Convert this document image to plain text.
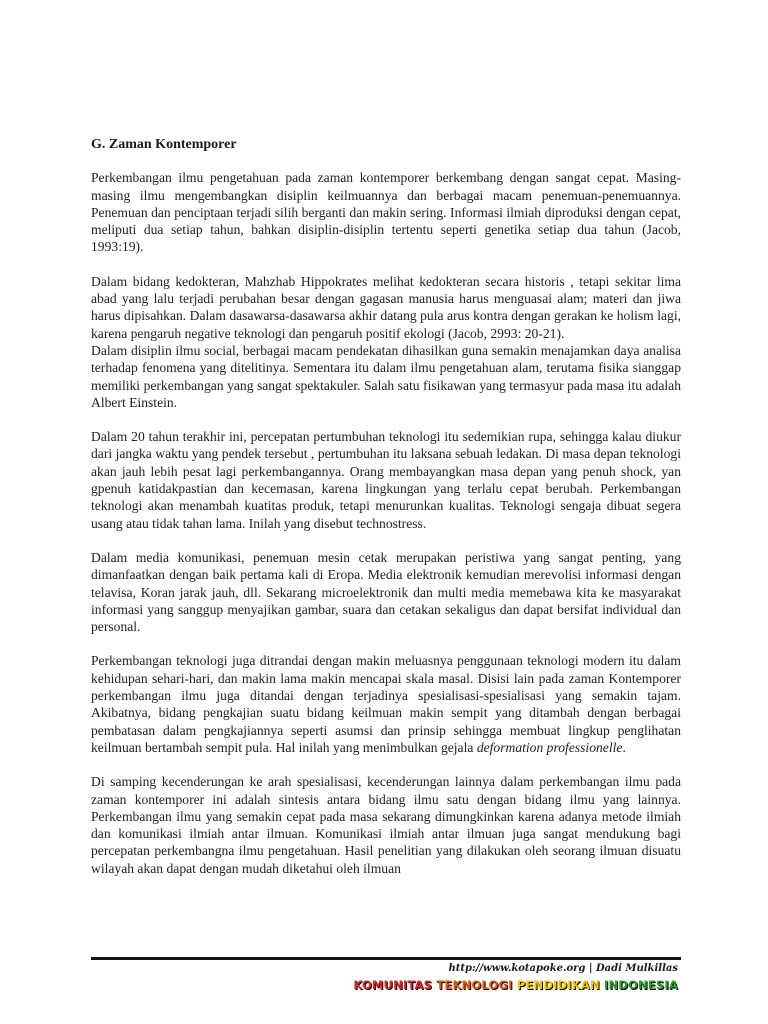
G. Zaman Kontemporer

Perkembangan ilmu pengetahuan pada zaman kontemporer berkembang dengan sangat cepat. Masing-masing ilmu mengembangkan disiplin keilmuannya dan berbagai macam penemuan-penemuannya. Penemuan dan penciptaan terjadi silih berganti dan makin sering. Informasi ilmiah diproduksi dengan cepat, meliputi dua setiap tahun, bahkan disiplin-disiplin tertentu seperti genetika setiap dua tahun (Jacob, 1993:19).

Dalam bidang kedokteran, Mahzhab Hippokrates melihat kedokteran secara historis , tetapi sekitar lima abad yang lalu terjadi perubahan besar dengan gagasan manusia harus menguasai alam; materi dan jiwa harus dipisahkan. Dalam dasawarsa-dasawarsa akhir datang pula arus kontra dengan gerakan ke holism lagi, karena pengaruh negative teknologi dan pengaruh positif ekologi (Jacob, 2993: 20-21).

Dalam disiplin ilmu social, berbagai macam pendekatan dihasilkan guna semakin menajamkan daya analisa terhadap fenomena yang ditelitinya. Sementara itu dalam ilmu pengetahuan alam, terutama fisika sianggap memiliki perkembangan yang sangat spektakuler. Salah satu fisikawan yang termasyur pada masa itu adalah Albert Einstein.

Dalam 20 tahun terakhir ini, percepatan pertumbuhan teknologi itu sedemikian rupa, sehingga kalau diukur dari jangka waktu yang pendek tersebut , pertumbuhan itu laksana sebuah ledakan. Di masa depan teknologi akan jauh lebih pesat lagi perkembangannya. Orang membayangkan masa depan yang penuh shock, yan gpenuh katidakpastian dan kecemasan, karena lingkungan yang terlalu cepat berubah. Perkembangan teknologi akan menambah kuatitas produk, tetapi menurunkan kualitas. Teknologi sengaja dibuat segera usang atau tidak tahan lama. Inilah yang disebut technostress.

Dalam media komunikasi, penemuan mesin cetak merupakan peristiwa yang sangat penting, yang dimanfaatkan dengan baik pertama kali di Eropa. Media elektronik kemudian merevolisi informasi dengan telavisa, Koran jarak jauh, dll. Sekarang microelektronik dan multi media memebawa kita ke masyarakat informasi yang sanggup menyajikan gambar, suara dan cetakan sekaligus dan dapat bersifat individual dan personal.

Perkembangan teknologi juga ditrandai dengan makin meluasnya penggunaan teknologi modern itu dalam kehidupan sehari-hari, dan makin lama makin mencapai skala masal. Disisi lain pada zaman Kontemporer perkembangan ilmu juga ditandai dengan terjadinya spesialisasi-spesialisasi yang semakin tajam. Akibatnya, bidang pengkajian suatu bidang keilmuan makin sempit yang ditambah dengan berbagai pembatasan dalam pengkajiannya seperti asumsi dan prinsip sehingga membuat lingkup penglihatan keilmuan bertambah sempit pula. Hal inilah yang menimbulkan gejala deformation professionelle.

Di samping kecenderungan ke arah spesialisasi, kecenderungan lainnya dalam perkembangan ilmu pada zaman kontemporer ini adalah sintesis antara bidang ilmu satu dengan bidang ilmu yang lainnya. Perkembangan ilmu yang semakin cepat pada masa sekarang dimungkinkan karena adanya metode ilmiah dan komunikasi ilmiah antar ilmuan. Komunikasi ilmiah antar ilmuan juga sangat mendukung bagi percepatan perkembangna ilmu pengetahuan. Hasil penelitian yang dilakukan oleh seorang ilmuan disuatu wilayah akan dapat dengan mudah diketahui oleh ilmuan

http://www.kotapoke.org | Dadi Mulkillas
KOMUNITAS TEKNOLOGI PENDIDIKAN INDONESIA
